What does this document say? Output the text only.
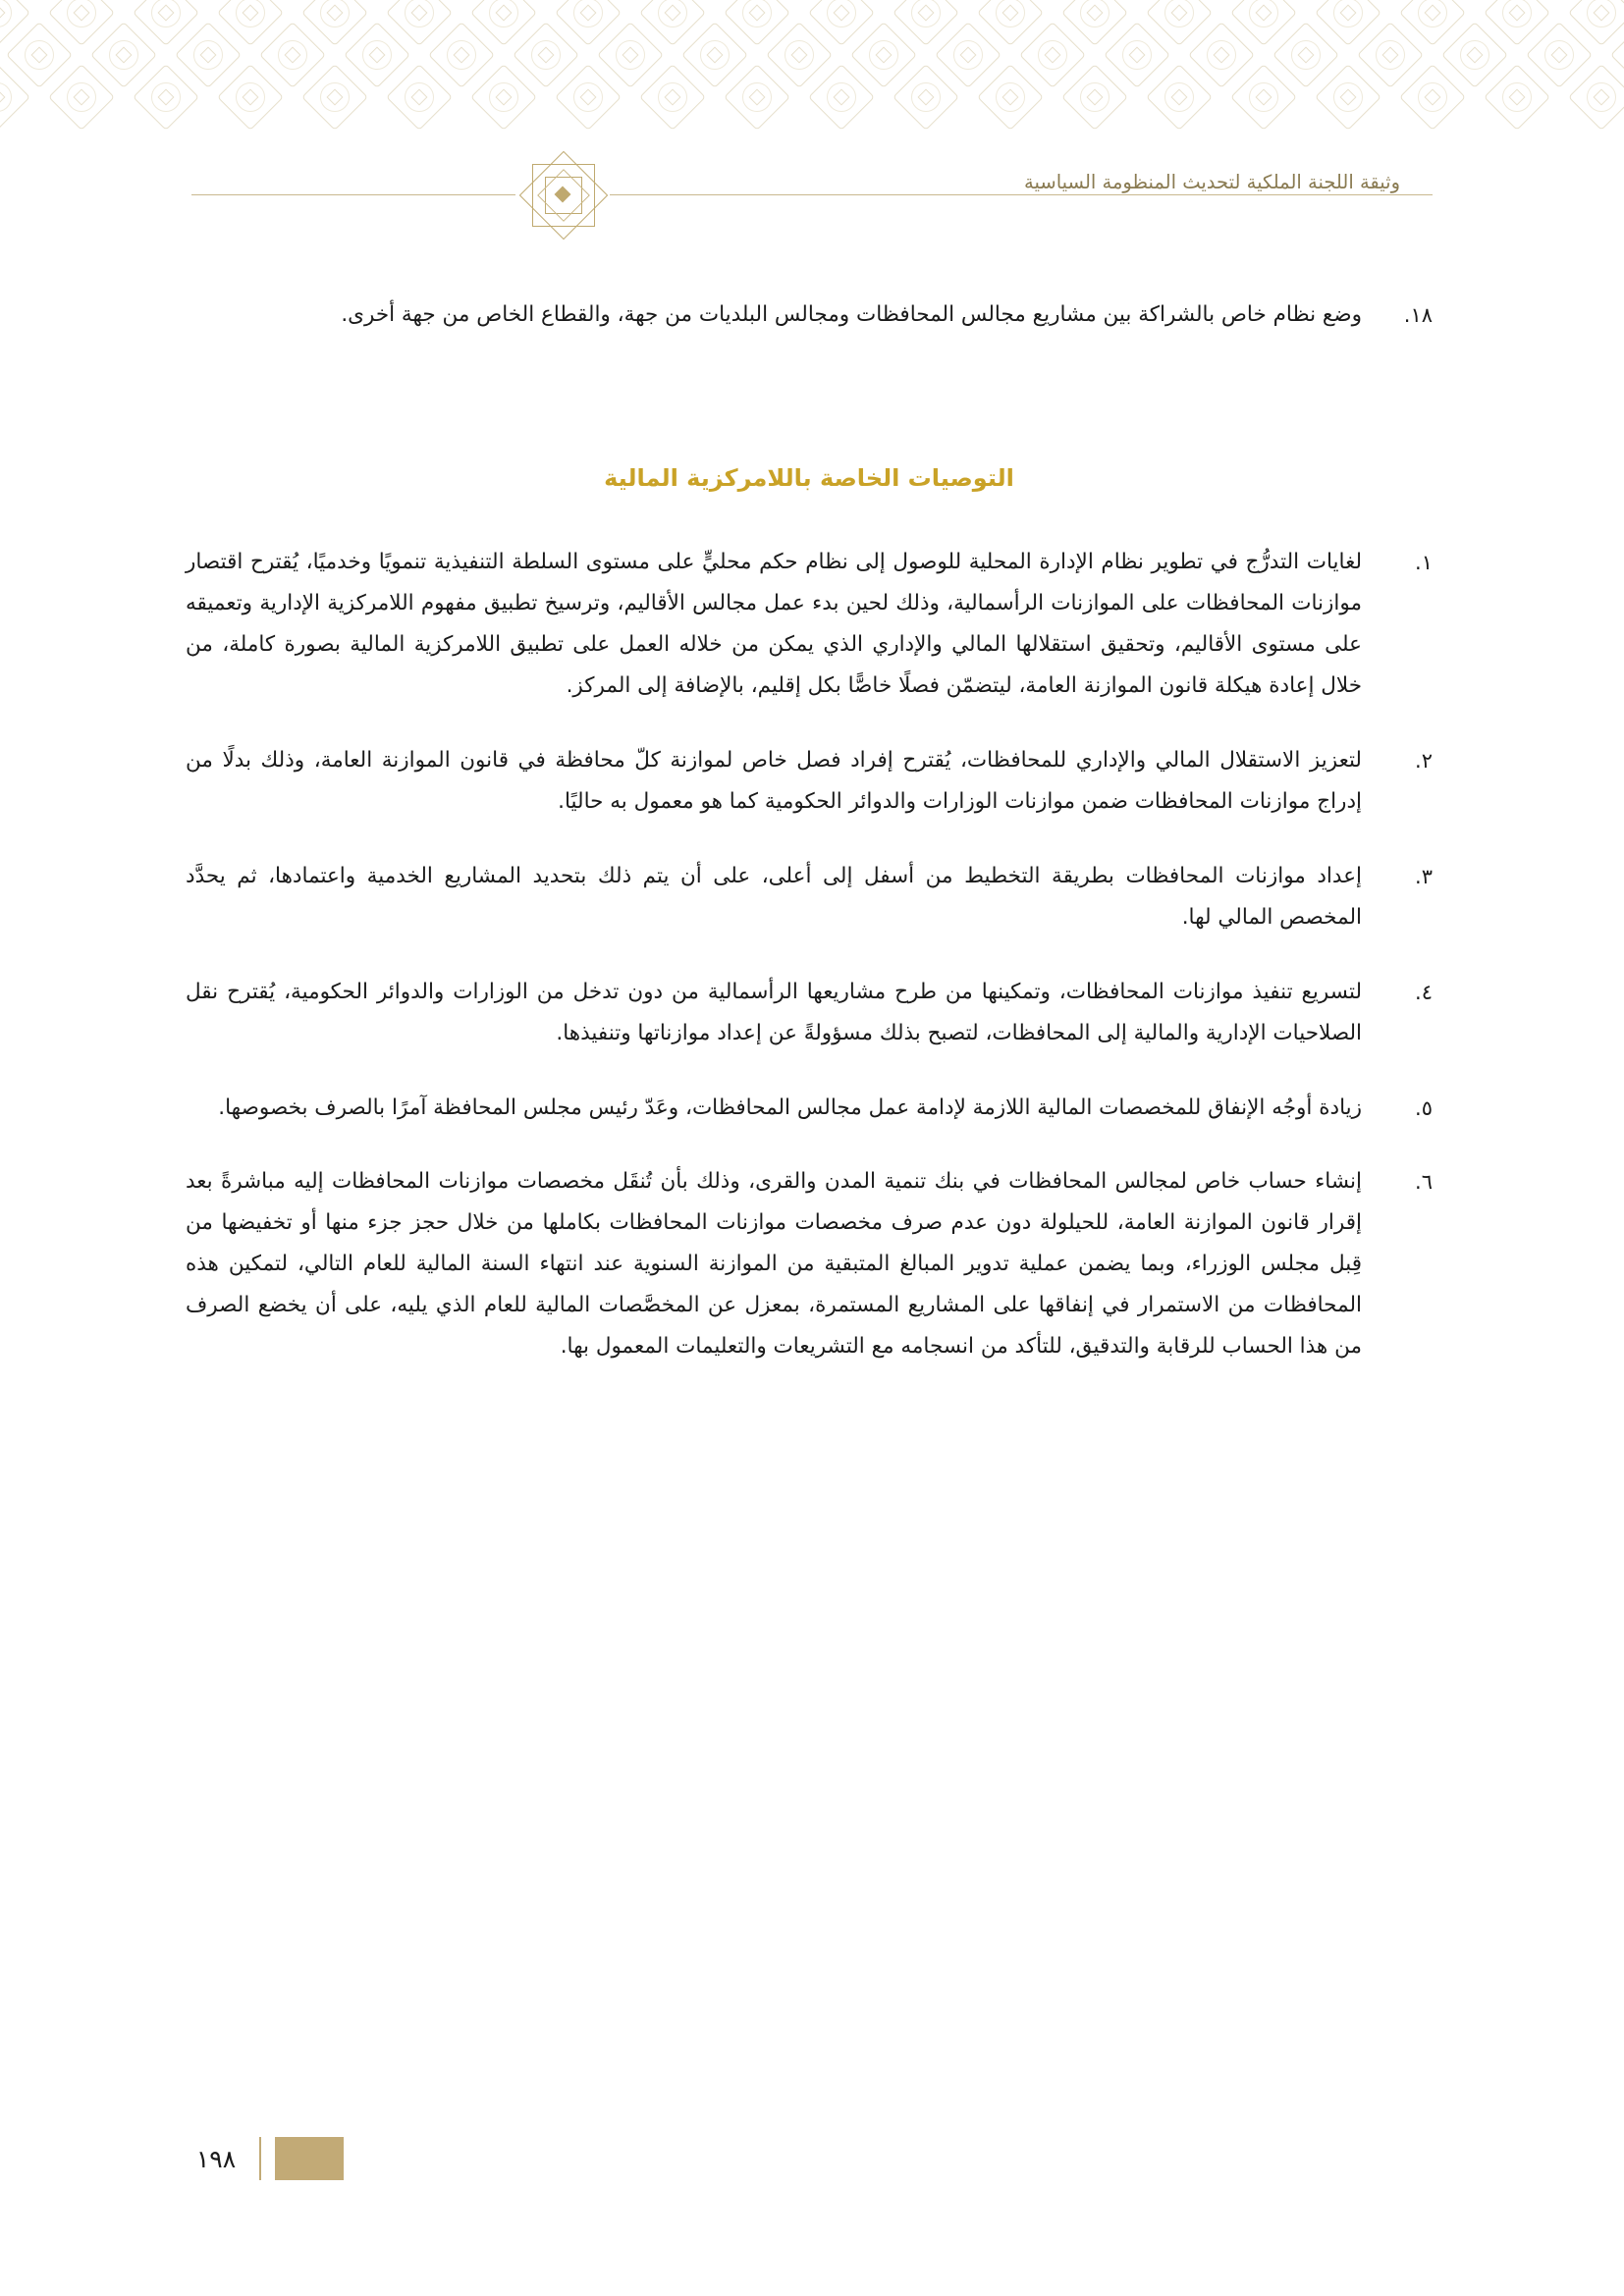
وثيقة اللجنة الملكية لتحديث المنظومة السياسية
١٨.
وضع نظام خاص بالشراكة بين مشاريع مجالس المحافظات ومجالس البلديات من جهة، والقطاع الخاص من جهة أخرى.
التوصيات الخاصة باللامركزية المالية
١.
لغايات التدرُّج في تطوير نظام الإدارة المحلية للوصول إلى نظام حكم محليٍّ على مستوى السلطة التنفيذية تنمويًا وخدميًا، يُقترح اقتصار موازنات المحافظات على الموازنات الرأسمالية، وذلك لحين بدء عمل مجالس الأقاليم، وترسيخ تطبيق مفهوم اللامركزية الإدارية وتعميقه على مستوى الأقاليم، وتحقيق استقلالها المالي والإداري الذي يمكن من خلاله العمل على تطبيق اللامركزية المالية بصورة كاملة، من خلال إعادة هيكلة قانون الموازنة العامة، ليتضمّن فصلًا خاصًّا بكل إقليم، بالإضافة إلى المركز.
٢.
لتعزيز الاستقلال المالي والإداري للمحافظات، يُقترح إفراد فصل خاص لموازنة كلّ محافظة في قانون الموازنة العامة، وذلك بدلًا من إدراج موازنات المحافظات ضمن موازنات الوزارات والدوائر الحكومية كما هو معمول به حاليًا.
٣.
إعداد موازنات المحافظات بطريقة التخطيط من أسفل إلى أعلى، على أن يتم ذلك بتحديد المشاريع الخدمية واعتمادها، ثم يحدَّد المخصص المالي لها.
٤.
لتسريع تنفيذ موازنات المحافظات، وتمكينها من طرح مشاريعها الرأسمالية من دون تدخل من الوزارات والدوائر الحكومية، يُقترح نقل الصلاحيات الإدارية والمالية إلى المحافظات، لتصبح بذلك مسؤولةً عن إعداد موازناتها وتنفيذها.
٥.
زيادة أوجُه الإنفاق للمخصصات المالية اللازمة لإدامة عمل مجالس المحافظات، وعَدّ رئيس مجلس المحافظة آمرًا بالصرف بخصوصها.
٦.
إنشاء حساب خاص لمجالس المحافظات في بنك تنمية المدن والقرى، وذلك بأن تُنقَل مخصصات موازنات المحافظات إليه مباشرةً بعد إقرار قانون الموازنة العامة، للحيلولة دون عدم صرف مخصصات موازنات المحافظات بكاملها من خلال حجز جزء منها أو تخفيضها من قِبل مجلس الوزراء، وبما يضمن عملية تدوير المبالغ المتبقية من الموازنة السنوية عند انتهاء السنة المالية للعام التالي، لتمكين هذه المحافظات من الاستمرار في إنفاقها على المشاريع المستمرة، بمعزل عن المخصَّصات المالية للعام الذي يليه، على أن يخضع الصرف من هذا الحساب للرقابة والتدقيق، للتأكد من انسجامه مع التشريعات والتعليمات المعمول بها.
١٩٨
